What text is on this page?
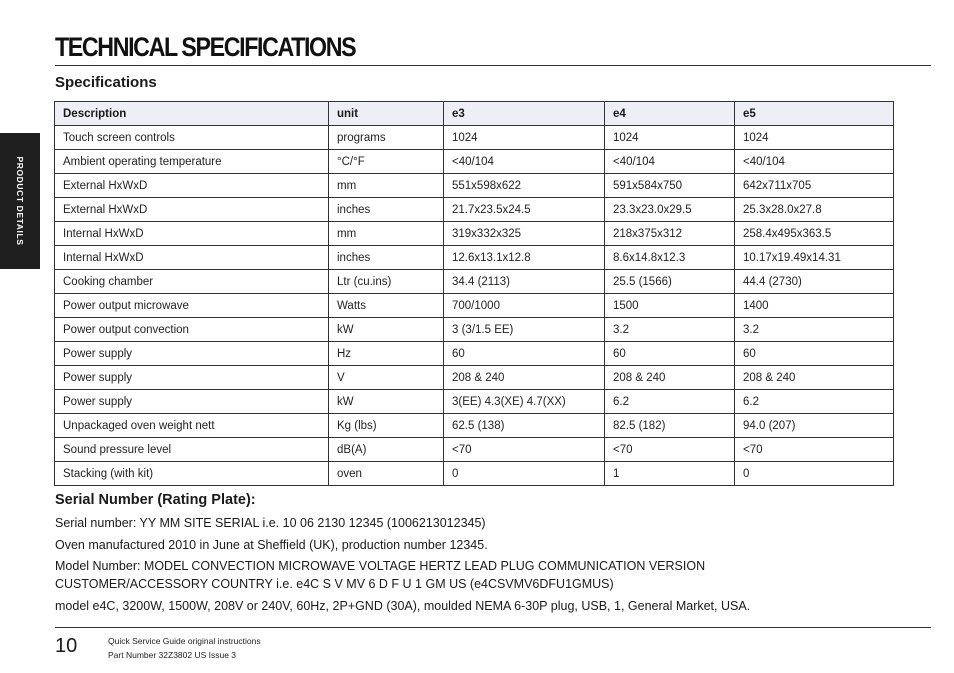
TECHNICAL SPECIFICATIONS
Specifications
PRODUCT DETAILS
Description	unit	e3	e4	e5
Touch screen controls	programs	1024	1024	1024
Ambient operating temperature	°C/°F	<40/104	<40/104	<40/104
External HxWxD	mm	551x598x622	591x584x750	642x711x705
External HxWxD	inches	21.7x23.5x24.5	23.3x23.0x29.5	25.3x28.0x27.8
Internal HxWxD	mm	319x332x325	218x375x312	258.4x495x363.5
Internal HxWxD	inches	12.6x13.1x12.8	8.6x14.8x12.3	10.17x19.49x14.31
Cooking chamber	Ltr (cu.ins)	34.4 (2113)	25.5 (1566)	44.4 (2730)
Power output microwave	Watts	700/1000	1500	1400
Power output convection	kW	3 (3/1.5 EE)	3.2	3.2
Power supply	Hz	60	60	60
Power supply	V	208 & 240	208 & 240	208 & 240
Power supply	kW	3(EE) 4.3(XE) 4.7(XX)	6.2	6.2
Unpackaged oven weight nett	Kg (lbs)	62.5 (138)	82.5 (182)	94.0 (207)
Sound pressure level	dB(A)	<70	<70	<70
Stacking (with kit)	oven	0	1	0
Serial Number (Rating Plate):
Serial number: YY MM SITE SERIAL i.e. 10 06 2130 12345 (1006213012345)
Oven manufactured 2010 in June at Sheffield (UK), production number 12345.
Model Number: MODEL CONVECTION MICROWAVE VOLTAGE HERTZ LEAD PLUG COMMUNICATION VERSION
CUSTOMER/ACCESSORY COUNTRY i.e. e4C S V MV 6 D F U 1 GM US (e4CSVMV6DFU1GMUS)
model e4C, 3200W, 1500W, 208V or 240V, 60Hz, 2P+GND (30A), moulded NEMA 6-30P plug, USB, 1, General Market, USA.
10	Quick Service Guide original instructions
Part Number 32Z3802 US Issue 3
